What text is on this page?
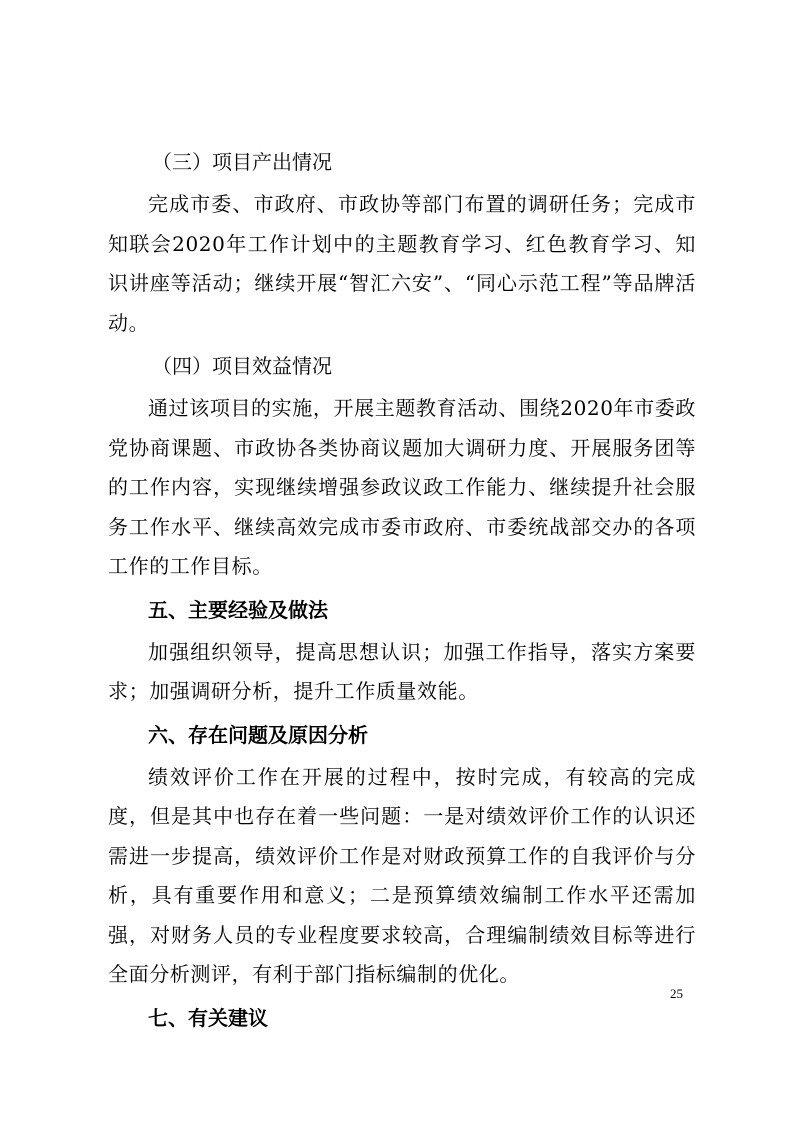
（三）项目产出情况

完成市委、市政府、市政协等部门布置的调研任务；完成市知联会2020年工作计划中的主题教育学习、红色教育学习、知识讲座等活动；继续开展“智汇六安”、“同心示范工程”等品牌活动。

（四）项目效益情况

通过该项目的实施，开展主题教育活动、围绕2020年市委政党协商课题、市政协各类协商议题加大调研力度、开展服务团等的工作内容，实现继续增强参政议政工作能力、继续提升社会服务工作水平、继续高效完成市委市政府、市委统战部交办的各项工作的工作目标。

五、主要经验及做法

加强组织领导，提高思想认识；加强工作指导，落实方案要求；加强调研分析，提升工作质量效能。

六、存在问题及原因分析

绩效评价工作在开展的过程中，按时完成，有较高的完成度，但是其中也存在着一些问题：一是对绩效评价工作的认识还需进一步提高，绩效评价工作是对财政预算工作的自我评价与分析，具有重要作用和意义；二是预算绩效编制工作水平还需加强，对财务人员的专业程度要求较高，合理编制绩效目标等进行全面分析测评，有利于部门指标编制的优化。

七、有关建议
25
